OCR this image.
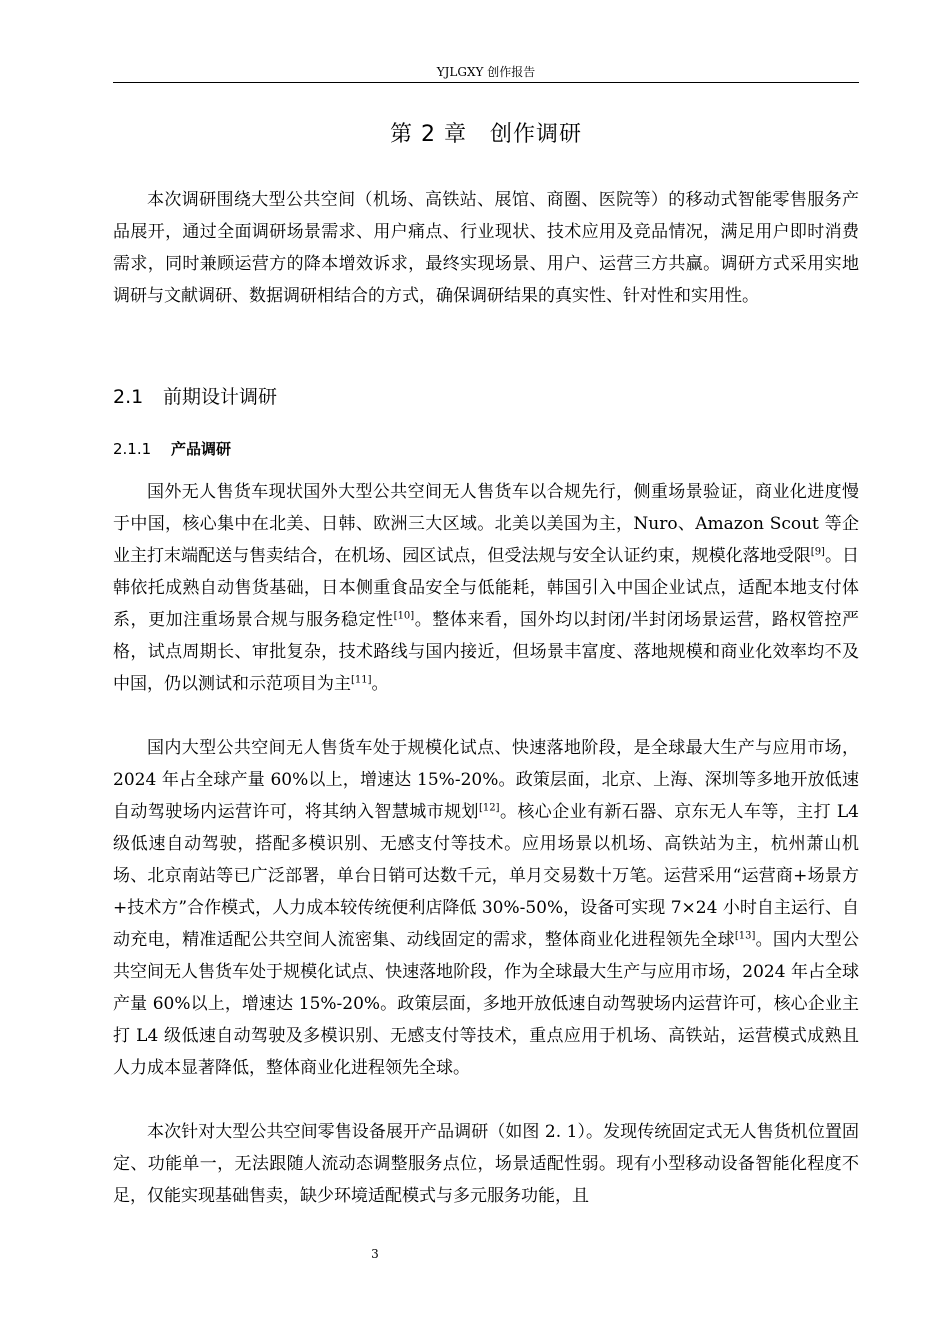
YJLGXY 创作报告
第 2 章　创作调研

本次调研围绕大型公共空间（机场、高铁站、展馆、商圈、医院等）的移动式智能零售服务产品展开，通过全面调研场景需求、用户痛点、行业现状、技术应用及竞品情况，满足用户即时消费需求，同时兼顾运营方的降本增效诉求，最终实现场景、用户、运营三方共赢。调研方式采用实地调研与文献调研、数据调研相结合的方式，确保调研结果的真实性、针对性和实用性。

2.1 前期设计调研
2.1.1 产品调研

国外无人售货车现状国外大型公共空间无人售货车以合规先行，侧重场景验证，商业化进度慢于中国，核心集中在北美、日韩、欧洲三大区域。北美以美国为主，Nuro、Amazon Scout 等企业主打末端配送与售卖结合，在机场、园区试点，但受法规与安全认证约束，规模化落地受限[9]。日韩依托成熟自动售货基础，日本侧重食品安全与低能耗，韩国引入中国企业试点，适配本地支付体系，更加注重场景合规与服务稳定性[10]。整体来看，国外均以封闭/半封闭场景运营，路权管控严格，试点周期长、审批复杂，技术路线与国内接近，但场景丰富度、落地规模和商业化效率均不及中国，仍以测试和示范项目为主[11]。

国内大型公共空间无人售货车处于规模化试点、快速落地阶段，是全球最大生产与应用市场，2024 年占全球产量 60%以上，增速达 15%-20%。政策层面，北京、上海、深圳等多地开放低速自动驾驶场内运营许可，将其纳入智慧城市规划[12]。核心企业有新石器、京东无人车等，主打 L4 级低速自动驾驶，搭配多模识别、无感支付等技术。应用场景以机场、高铁站为主，杭州萧山机场、北京南站等已广泛部署，单台日销可达数千元，单月交易数十万笔。运营采用“运营商+场景方+技术方”合作模式，人力成本较传统便利店降低 30%-50%，设备可实现 7×24 小时自主运行、自动充电，精准适配公共空间人流密集、动线固定的需求，整体商业化进程领先全球[13]。国内大型公共空间无人售货车处于规模化试点、快速落地阶段，作为全球最大生产与应用市场，2024 年占全球产量 60%以上，增速达 15%-20%。政策层面，多地开放低速自动驾驶场内运营许可，核心企业主打 L4 级低速自动驾驶及多模识别、无感支付等技术，重点应用于机场、高铁站，运营模式成熟且人力成本显著降低，整体商业化进程领先全球。

本次针对大型公共空间零售设备展开产品调研（如图 2. 1）。发现传统固定式无人售货机位置固定、功能单一，无法跟随人流动态调整服务点位，场景适配性弱。现有小型移动设备智能化程度不足，仅能实现基础售卖，缺少环境适配模式与多元服务功能，且

3
